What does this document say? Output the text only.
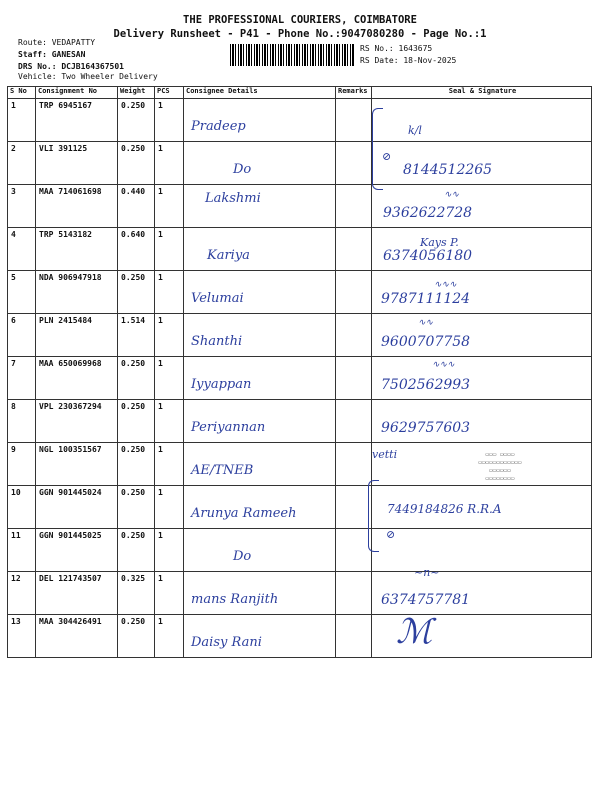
THE PROFESSIONAL COURIERS, COIMBATORE
Delivery Runsheet - P41 - Phone No.:9047080280 - Page No.:1
Route: VEDAPATTY
Staff: GANESAN
DRS No.: DCJB164367501
Vehicle: Two Wheeler Delivery
RS No.: 1643675
RS Date: 18-Nov-2025
S No	Consignment No	Weight	PCS	Consignee Details	Remarks	Seal & Signature
1	TRP 6945167	0.250	1	Pradeep		

2	VLI 391125	0.250	1	Do		8144512265

3	MAA 714061698	0.440	1	Lakshmi		9362622728

4	TRP 5143182	0.640	1	Kariya		6374056180

5	NDA 906947918	0.250	1	Velumai		9787111124

6	PLN 2415484	1.514	1	Shanthi		9600707758

7	MAA 650069968	0.250	1	Iyyappan		7502562993

8	VPL 230367294	0.250	1	Periyannan		9629757603

9	NGL 100351567	0.250	1	AE/TNEB		

10	GGN 901445024	0.250	1	Arunya Rameeh		7449184826 R.R.A

11	GGN 901445025	0.250	1	Do		

12	DEL 121743507	0.325	1	mans Ranjith		6374757781

13	MAA 304426491	0.250	1	Daisy Rani		

k/l
⊘
∿∿
Kays P.
∿∿∿
∿∿
∿∿∿
vetti
⊘
~n~
ℳ
▭▭▭ ▭▭▭▭
▭▭▭▭▭▭▭▭▭▭▭▭
▭▭▭▭▭▭
▭▭▭▭▭▭▭▭
